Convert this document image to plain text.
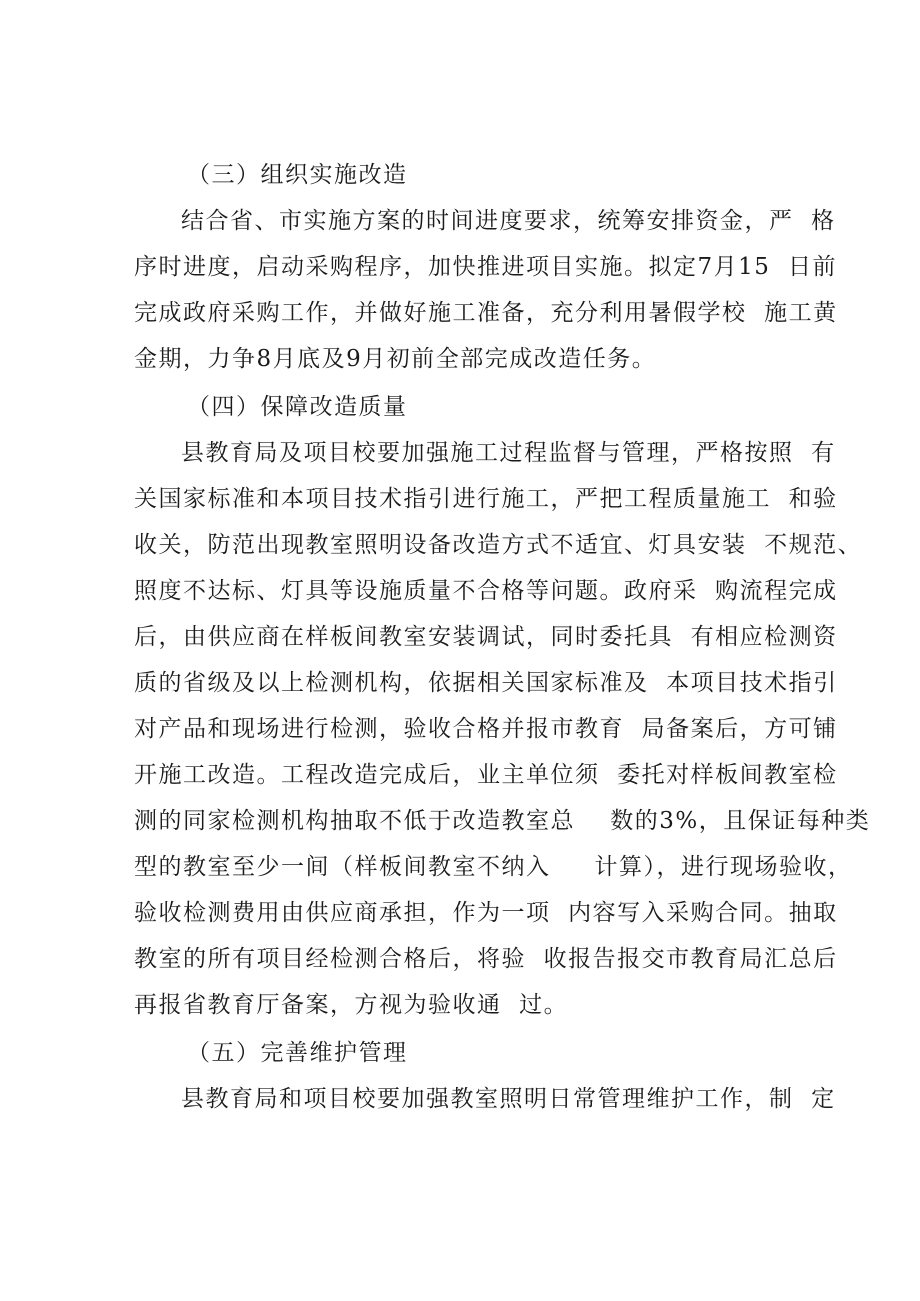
（三）组织实施改造
结合省、市实施方案的时间进度要求，统筹安排资金，严  格
序时进度，启动采购程序，加快推进项目实施。拟定7月15  日前
完成政府采购工作，并做好施工准备，充分利用暑假学校  施工黄
金期，力争8月底及9月初前全部完成改造任务。
（四）保障改造质量
县教育局及项目校要加强施工过程监督与管理，严格按照  有
关国家标准和本项目技术指引进行施工，严把工程质量施工  和验
收关，防范出现教室照明设备改造方式不适宜、灯具安装  不规范、
照度不达标、灯具等设施质量不合格等问题。政府采  购流程完成
后，由供应商在样板间教室安装调试，同时委托具  有相应检测资
质的省级及以上检测机构，依据相关国家标准及  本项目技术指引
对产品和现场进行检测，验收合格并报市教育  局备案后，方可铺
开施工改造。工程改造完成后，业主单位须  委托对样板间教室检
测的同家检测机构抽取不低于改造教室总    数的3%，且保证每种类
型的教室至少一间（样板间教室不纳入     计算），进行现场验收，
验收检测费用由供应商承担，作为一项  内容写入采购合同。抽取
教室的所有项目经检测合格后，将验  收报告报交市教育局汇总后
再报省教育厅备案，方视为验收通  过。
（五）完善维护管理
县教育局和项目校要加强教室照明日常管理维护工作，制  定
